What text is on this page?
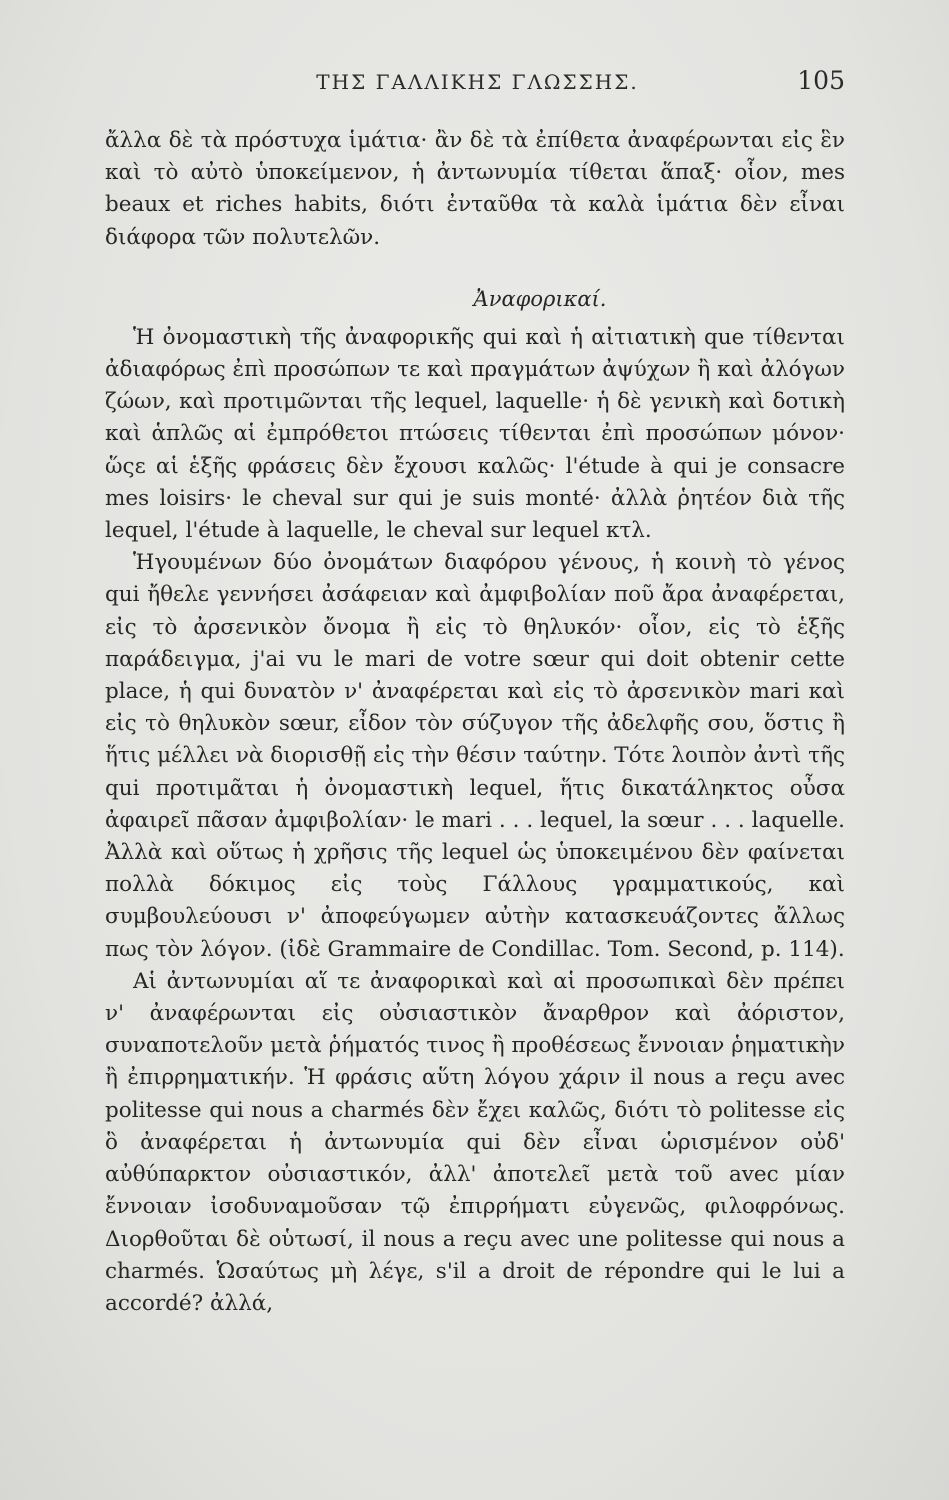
ΤΗΣ ΓΑΛΛΙΚΗΣ ΓΛΩΣΣΗΣ.	105

ἄλλα δὲ τὰ πρόστυχα ἱμάτια· ἂν δὲ τὰ ἐπίθετα ἀναφέρωνται εἰς ἓν καὶ τὸ αὐτὸ ὑποκείμενον, ἡ ἀντωνυμία τίθεται ἅπαξ· οἷον, mes beaux et riches habits, διότι ἐνταῦθα τὰ καλὰ ἱμάτια δὲν εἶναι διάφορα τῶν πολυτελῶν.

Ἀναφορικαί.

Ἡ ὀνομαστικὴ τῆς ἀναφορικῆς qui καὶ ἡ αἰτιατικὴ que τίθενται ἀδιαφόρως ἐπὶ προσώπων τε καὶ πραγμάτων ἀψύχων ἢ καὶ ἀλόγων ζώων, καὶ προτιμῶνται τῆς lequel, laquelle· ἡ δὲ γενικὴ καὶ δοτικὴ καὶ ἁπλῶς αἱ ἐμπρόθετοι πτώσεις τίθενται ἐπὶ προσώπων μόνον· ὥςε αἱ ἑξῆς φράσεις δὲν ἔχουσι καλῶς· l'étude à qui je consacre mes loisirs· le cheval sur qui je suis monté· ἀλλὰ ῥητέον διὰ τῆς lequel, l'étude à laquelle, le cheval sur lequel κτλ.

Ἡγουμένων δύο ὀνομάτων διαφόρου γένους, ἡ κοινὴ τὸ γένος qui ἤθελε γεννήσει ἀσάφειαν καὶ ἀμφιβολίαν ποῦ ἄρα ἀναφέρεται, εἰς τὸ ἀρσενικὸν ὄνομα ἢ εἰς τὸ θηλυκόν· οἷον, εἰς τὸ ἑξῆς παράδειγμα, j'ai vu le mari de votre sœur qui doit obtenir cette place, ἡ qui δυνατὸν ν' ἀναφέρεται καὶ εἰς τὸ ἀρσενικὸν mari καὶ εἰς τὸ θηλυκὸν sœur, εἶδον τὸν σύζυγον τῆς ἀδελφῆς σου, ὅστις ἢ ἥτις μέλλει νὰ διορισθῇ εἰς τὴν θέσιν ταύτην. Τότε λοιπὸν ἀντὶ τῆς qui προτιμᾶται ἡ ὀνομαστικὴ lequel, ἥτις δικατάληκτος οὖσα ἀφαιρεῖ πᾶσαν ἀμφιβολίαν· le mari . . . lequel, la sœur . . . laquelle. Ἀλλὰ καὶ οὕτως ἡ χρῆσις τῆς lequel ὡς ὑποκειμένου δὲν φαίνεται πολλὰ δόκιμος εἰς τοὺς Γάλλους γραμματικούς, καὶ συμβουλεύουσι ν' ἀποφεύγωμεν αὐτὴν κατασκευάζοντες ἄλλως πως τὸν λόγον. (ἰδὲ Grammaire de Condillac. Tom. Second, p. 114).

Αἱ ἀντωνυμίαι αἵ τε ἀναφορικαὶ καὶ αἱ προσωπικαὶ δὲν πρέπει ν' ἀναφέρωνται εἰς οὐσιαστικὸν ἄναρθρον καὶ ἀόριστον, συναποτελοῦν μετὰ ῥήματός τινος ἢ προθέσεως ἔννοιαν ῥηματικὴν ἢ ἐπιρρηματικήν. Ἡ φράσις αὕτη λόγου χάριν il nous a reçu avec politesse qui nous a charmés δὲν ἔχει καλῶς, διότι τὸ politesse εἰς ὃ ἀναφέρεται ἡ ἀντωνυμία qui δὲν εἶναι ὡρισμένον οὐδ' αὐθύπαρκτον οὐσιαστικόν, ἀλλ' ἀποτελεῖ μετὰ τοῦ avec μίαν ἔννοιαν ἰσοδυναμοῦσαν τῷ ἐπιρρήματι εὐγενῶς, φιλοφρόνως. Διορθοῦται δὲ οὑτωσί, il nous a reçu avec une politesse qui nous a charmés. Ὡσαύτως μὴ λέγε, s'il a droit de répondre qui le lui a accordé? ἀλλά,
